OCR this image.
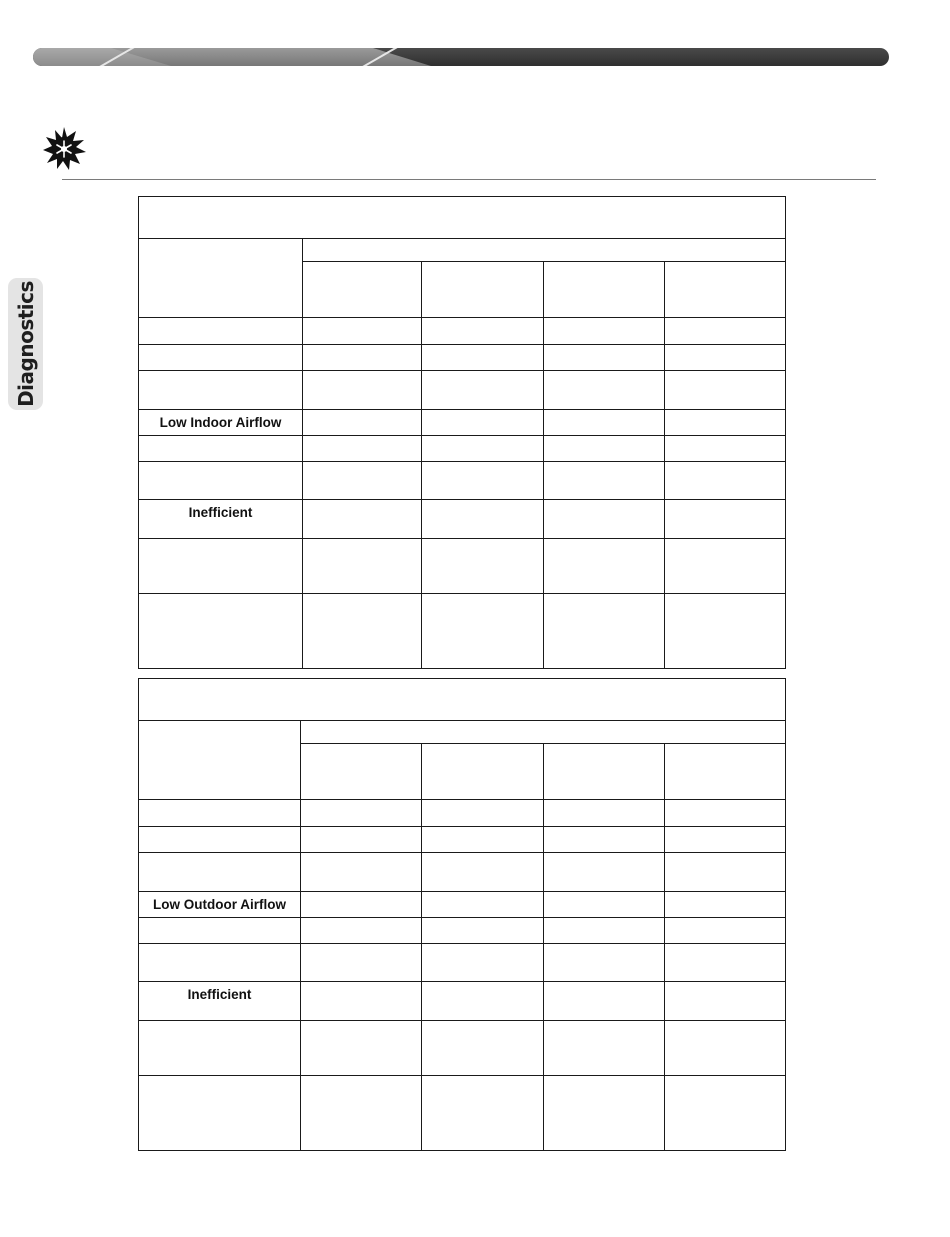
Diagnostics

Low Indoor Airflow				

Inefficient				

Low Outdoor Airflow				

Inefficient				
